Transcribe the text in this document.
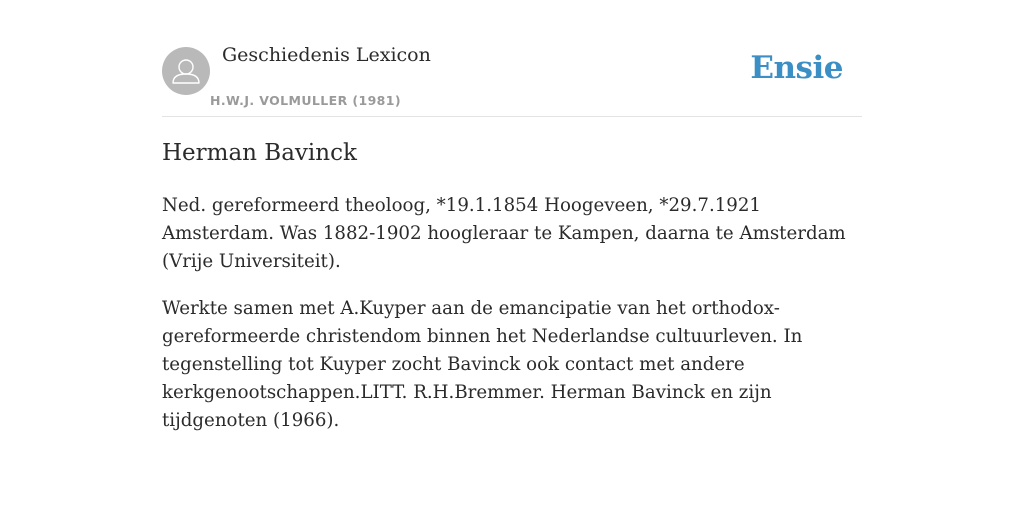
Geschiedenis Lexicon
H.W.J. VOLMULLER (1981)
Ensie
Herman Bavinck

Ned. gereformeerd theoloog, *19.1.1854 Hoogeveen, *29.7.1921 Amsterdam. Was 1882-1902 hoogleraar te Kampen, daarna te Amsterdam (Vrije Universiteit).

Werkte samen met A.Kuyper aan de emancipatie van het orthodox-gereformeerde christendom binnen het Nederlandse cultuurleven. In tegenstelling tot Kuyper zocht Bavinck ook contact met andere kerkgenootschappen.LITT. R.H.Bremmer. Herman Bavinck en zijn tijdgenoten (1966).
